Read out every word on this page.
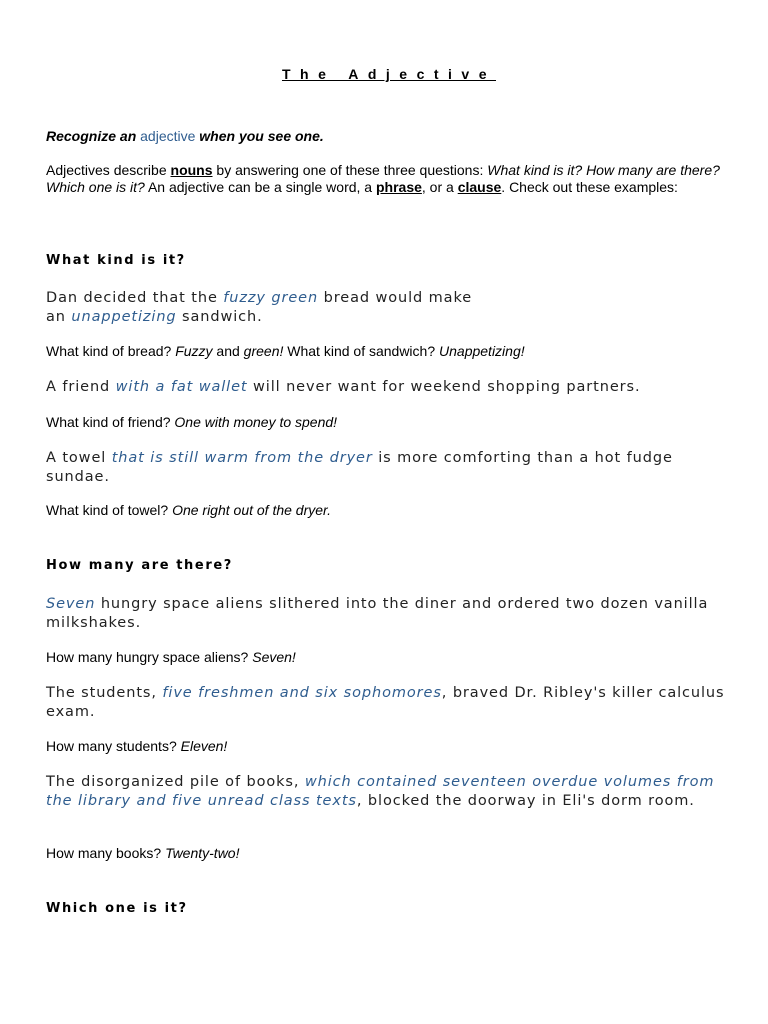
The Adjective
Recognize an adjective when you see one.
Adjectives describe nouns by answering one of these three questions: What kind is it? How many are there? Which one is it? An adjective can be a single word, a phrase, or a clause. Check out these examples:
What kind is it?
Dan decided that the fuzzy green bread would make
an unappetizing sandwich.
What kind of bread? Fuzzy and green! What kind of sandwich? Unappetizing!
A friend with a fat wallet will never want for weekend shopping partners.
What kind of friend? One with money to spend!
A towel that is still warm from the dryer is more comforting than a hot fudge sundae.
What kind of towel? One right out of the dryer.
How many are there?
Seven hungry space aliens slithered into the diner and ordered two dozen vanilla milkshakes.
How many hungry space aliens? Seven!
The students, five freshmen and six sophomores, braved Dr. Ribley's killer calculus exam.
How many students? Eleven!
The disorganized pile of books, which contained seventeen overdue volumes from the library and five unread class texts, blocked the doorway in Eli's dorm room.
How many books? Twenty-two!
Which one is it?
